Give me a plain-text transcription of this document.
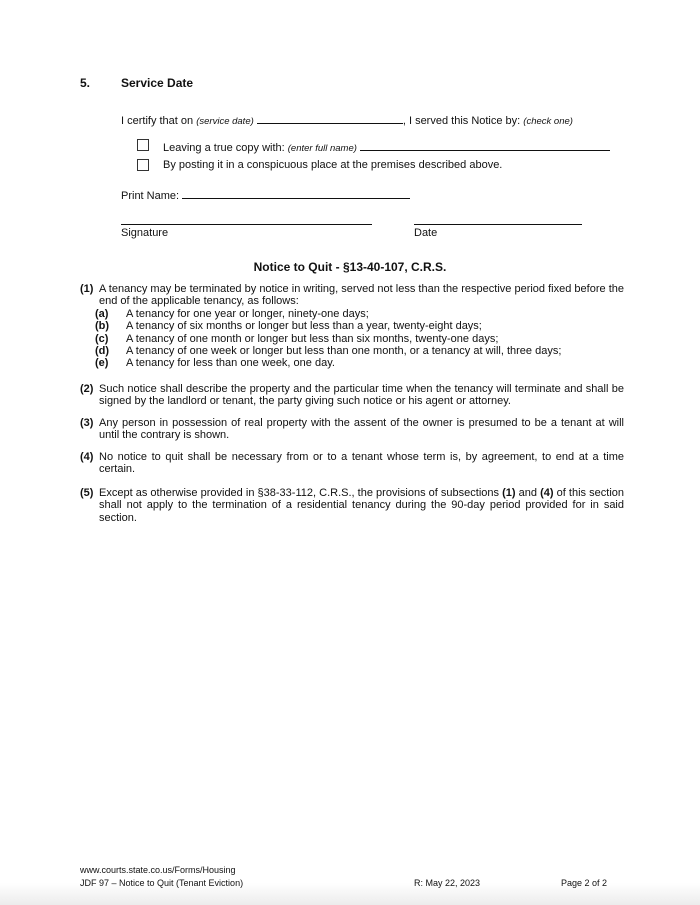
5.	Service Date
I certify that on (service date)	, I served this Notice by: (check one)
Leaving a true copy with: (enter full name)
By posting it in a conspicuous place at the premises described above.
Print Name:
Signature	Date
Notice to Quit - §13-40-107, C.R.S.
(1) A tenancy may be terminated by notice in writing, served not less than the respective period fixed before the end of the applicable tenancy, as follows:
(a) A tenancy for one year or longer, ninety-one days;
(b) A tenancy of six months or longer but less than a year, twenty-eight days;
(c) A tenancy of one month or longer but less than six months, twenty-one days;
(d) A tenancy of one week or longer but less than one month, or a tenancy at will, three days;
(e) A tenancy for less than one week, one day.
(2) Such notice shall describe the property and the particular time when the tenancy will terminate and shall be signed by the landlord or tenant, the party giving such notice or his agent or attorney.
(3) Any person in possession of real property with the assent of the owner is presumed to be a tenant at will until the contrary is shown.
(4) No notice to quit shall be necessary from or to a tenant whose term is, by agreement, to end at a time certain.
(5) Except as otherwise provided in §38-33-112, C.R.S., the provisions of subsections (1) and (4) of this section shall not apply to the termination of a residential tenancy during the 90-day period provided for in said section.
www.courts.state.co.us/Forms/Housing
JDF 97 – Notice to Quit (Tenant Eviction)	R: May 22, 2023	Page 2 of 2
